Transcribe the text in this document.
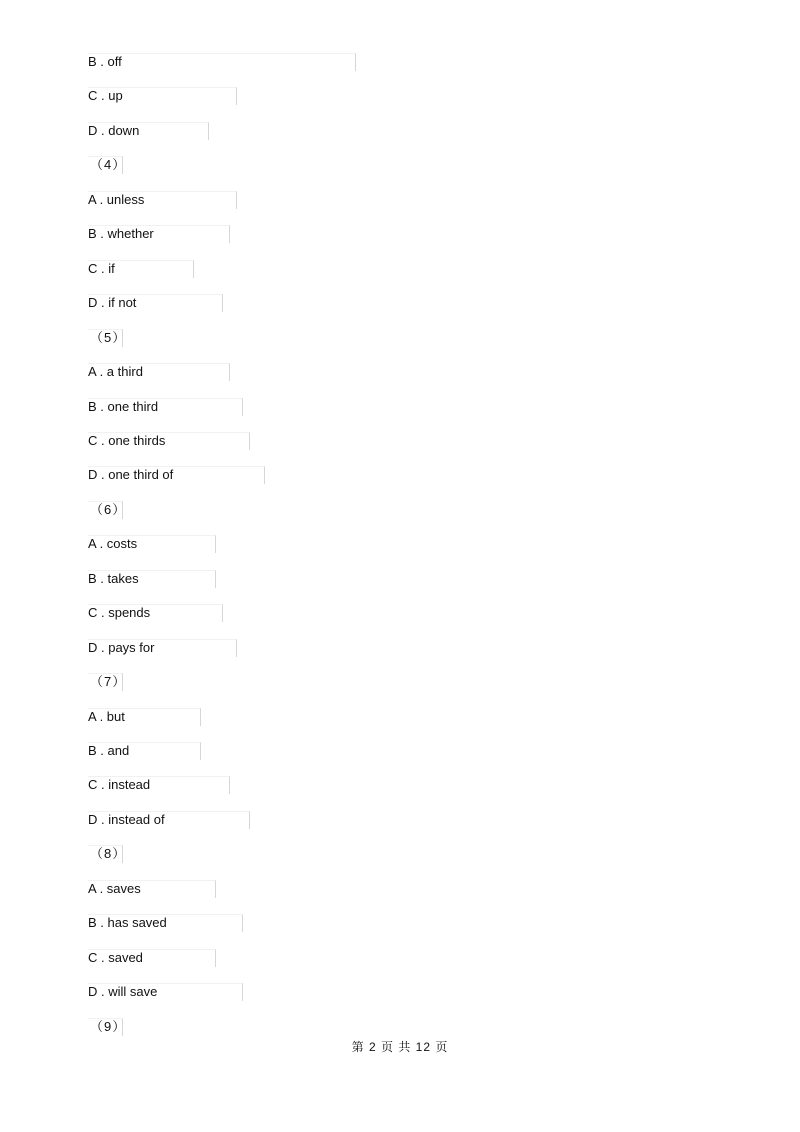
B . off
C . up
D . down
（4）
A . unless
B . whether
C . if
D . if not
（5）
A . a third
B . one third
C . one thirds
D . one third of
（6）
A . costs
B . takes
C . spends
D . pays for
（7）
A . but
B . and
C . instead
D . instead of
（8）
A . saves
B . has saved
C . saved
D . will save
（9）
第 2 页 共 12 页
